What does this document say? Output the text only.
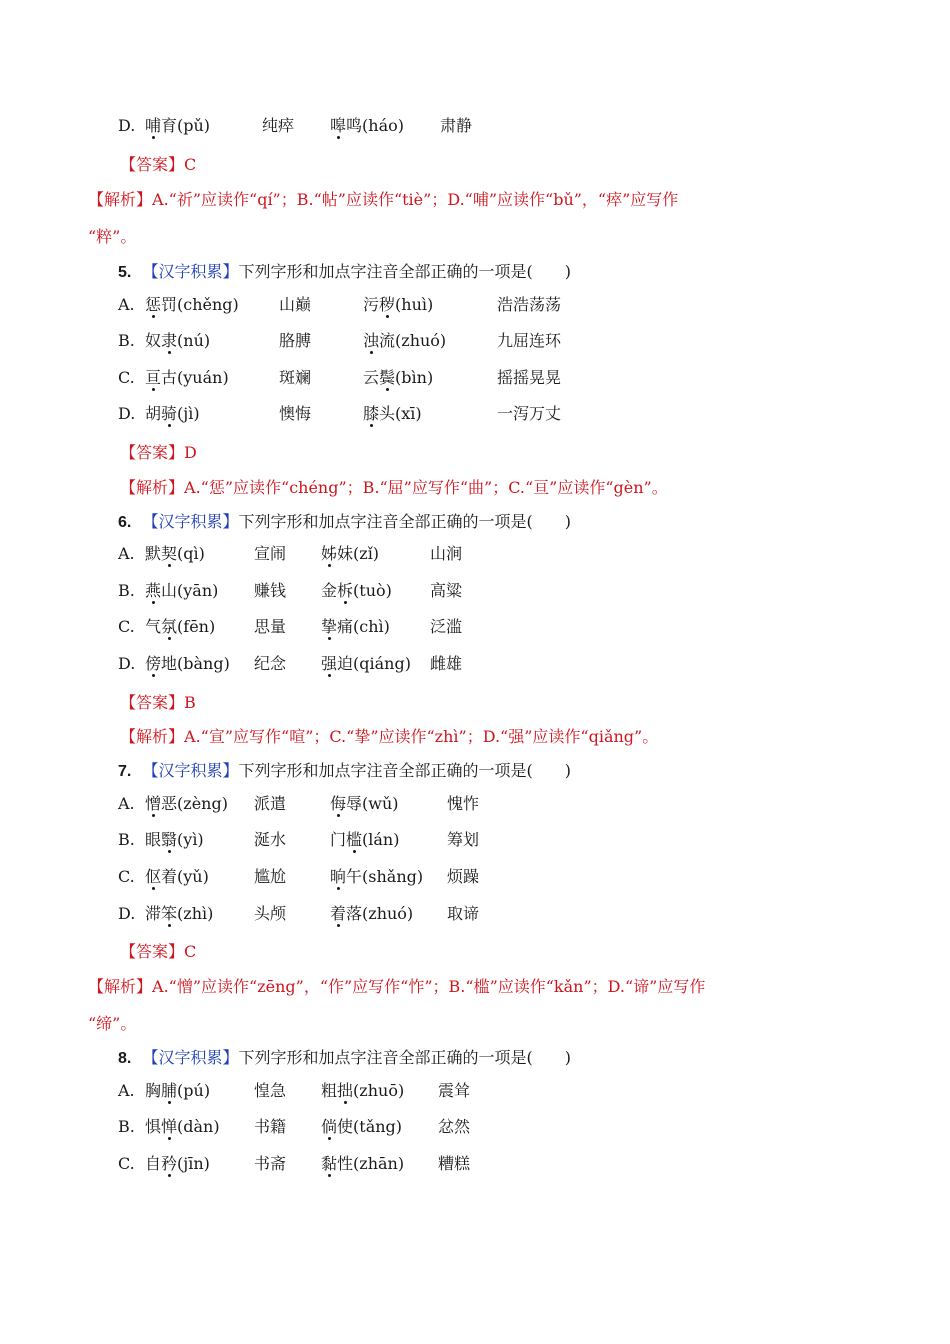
D. 哺育(pǔ)	纯瘁 嗥鸣(háo) 肃静
【答案】C
【解析】A.“祈”应读作“qí”；B.“帖”应读作“tiè”；D.“哺”应读作“bǔ”，“瘁”应写作
“粹”。
5. 【汉字积累】下列字形和加点字注音全部正确的一项是(　　)
A. 惩罚(chěng)	山巅	污秽(huì)	浩浩荡荡
B. 奴隶(nú)	胳膊	浊流(zhuó)	九屈连环
C. 亘古(yuán)	斑斓	云鬓(bìn)	摇摇晃晃
D. 胡骑(jì)	懊悔	膝头(xī)	一泻万丈
【答案】D
【解析】A.“惩”应读作“chéng”；B.“屈”应写作“曲”；C.“亘”应读作“gèn”。
6. 【汉字积累】下列字形和加点字注音全部正确的一项是(　　)
A. 默契(qì)	宣闹 姊妹(zǐ)	山涧
B. 燕山(yān) 赚钱 金柝(tuò) 高粱
C. 气氛(fēn) 思量 挚痛(chì)	泛滥
D. 傍地(bàng) 纪念 强迫(qiáng) 雌雄
【答案】B
【解析】A.“宣”应写作“喧”；C.“挚”应读作“zhì”；D.“强”应读作“qiǎng”。
7. 【汉字积累】下列字形和加点字注音全部正确的一项是(　　)
A. 憎恶(zèng) 派遣	侮辱(wǔ)	愧怍
B. 眼翳(yì)	涎水	门槛(lán)	筹划
C. 伛着(yǔ)	尴尬	晌午(shǎng) 烦躁
D. 滞笨(zhì)	头颅	着落(zhuó) 取谛
【答案】C
【解析】A.“憎”应读作“zēng”，“作”应写作“怍”；B.“槛”应读作“kǎn”；D.“谛”应写作
“缔”。
8. 【汉字积累】下列字形和加点字注音全部正确的一项是(　　)
A. 胸脯(pú)	惶急 粗拙(zhuō) 震耸
B. 惧惮(dàn) 书籍 倘使(tǎng) 忿然
C. 自矜(jīn)	书斋 黏性(zhān) 糟糕
